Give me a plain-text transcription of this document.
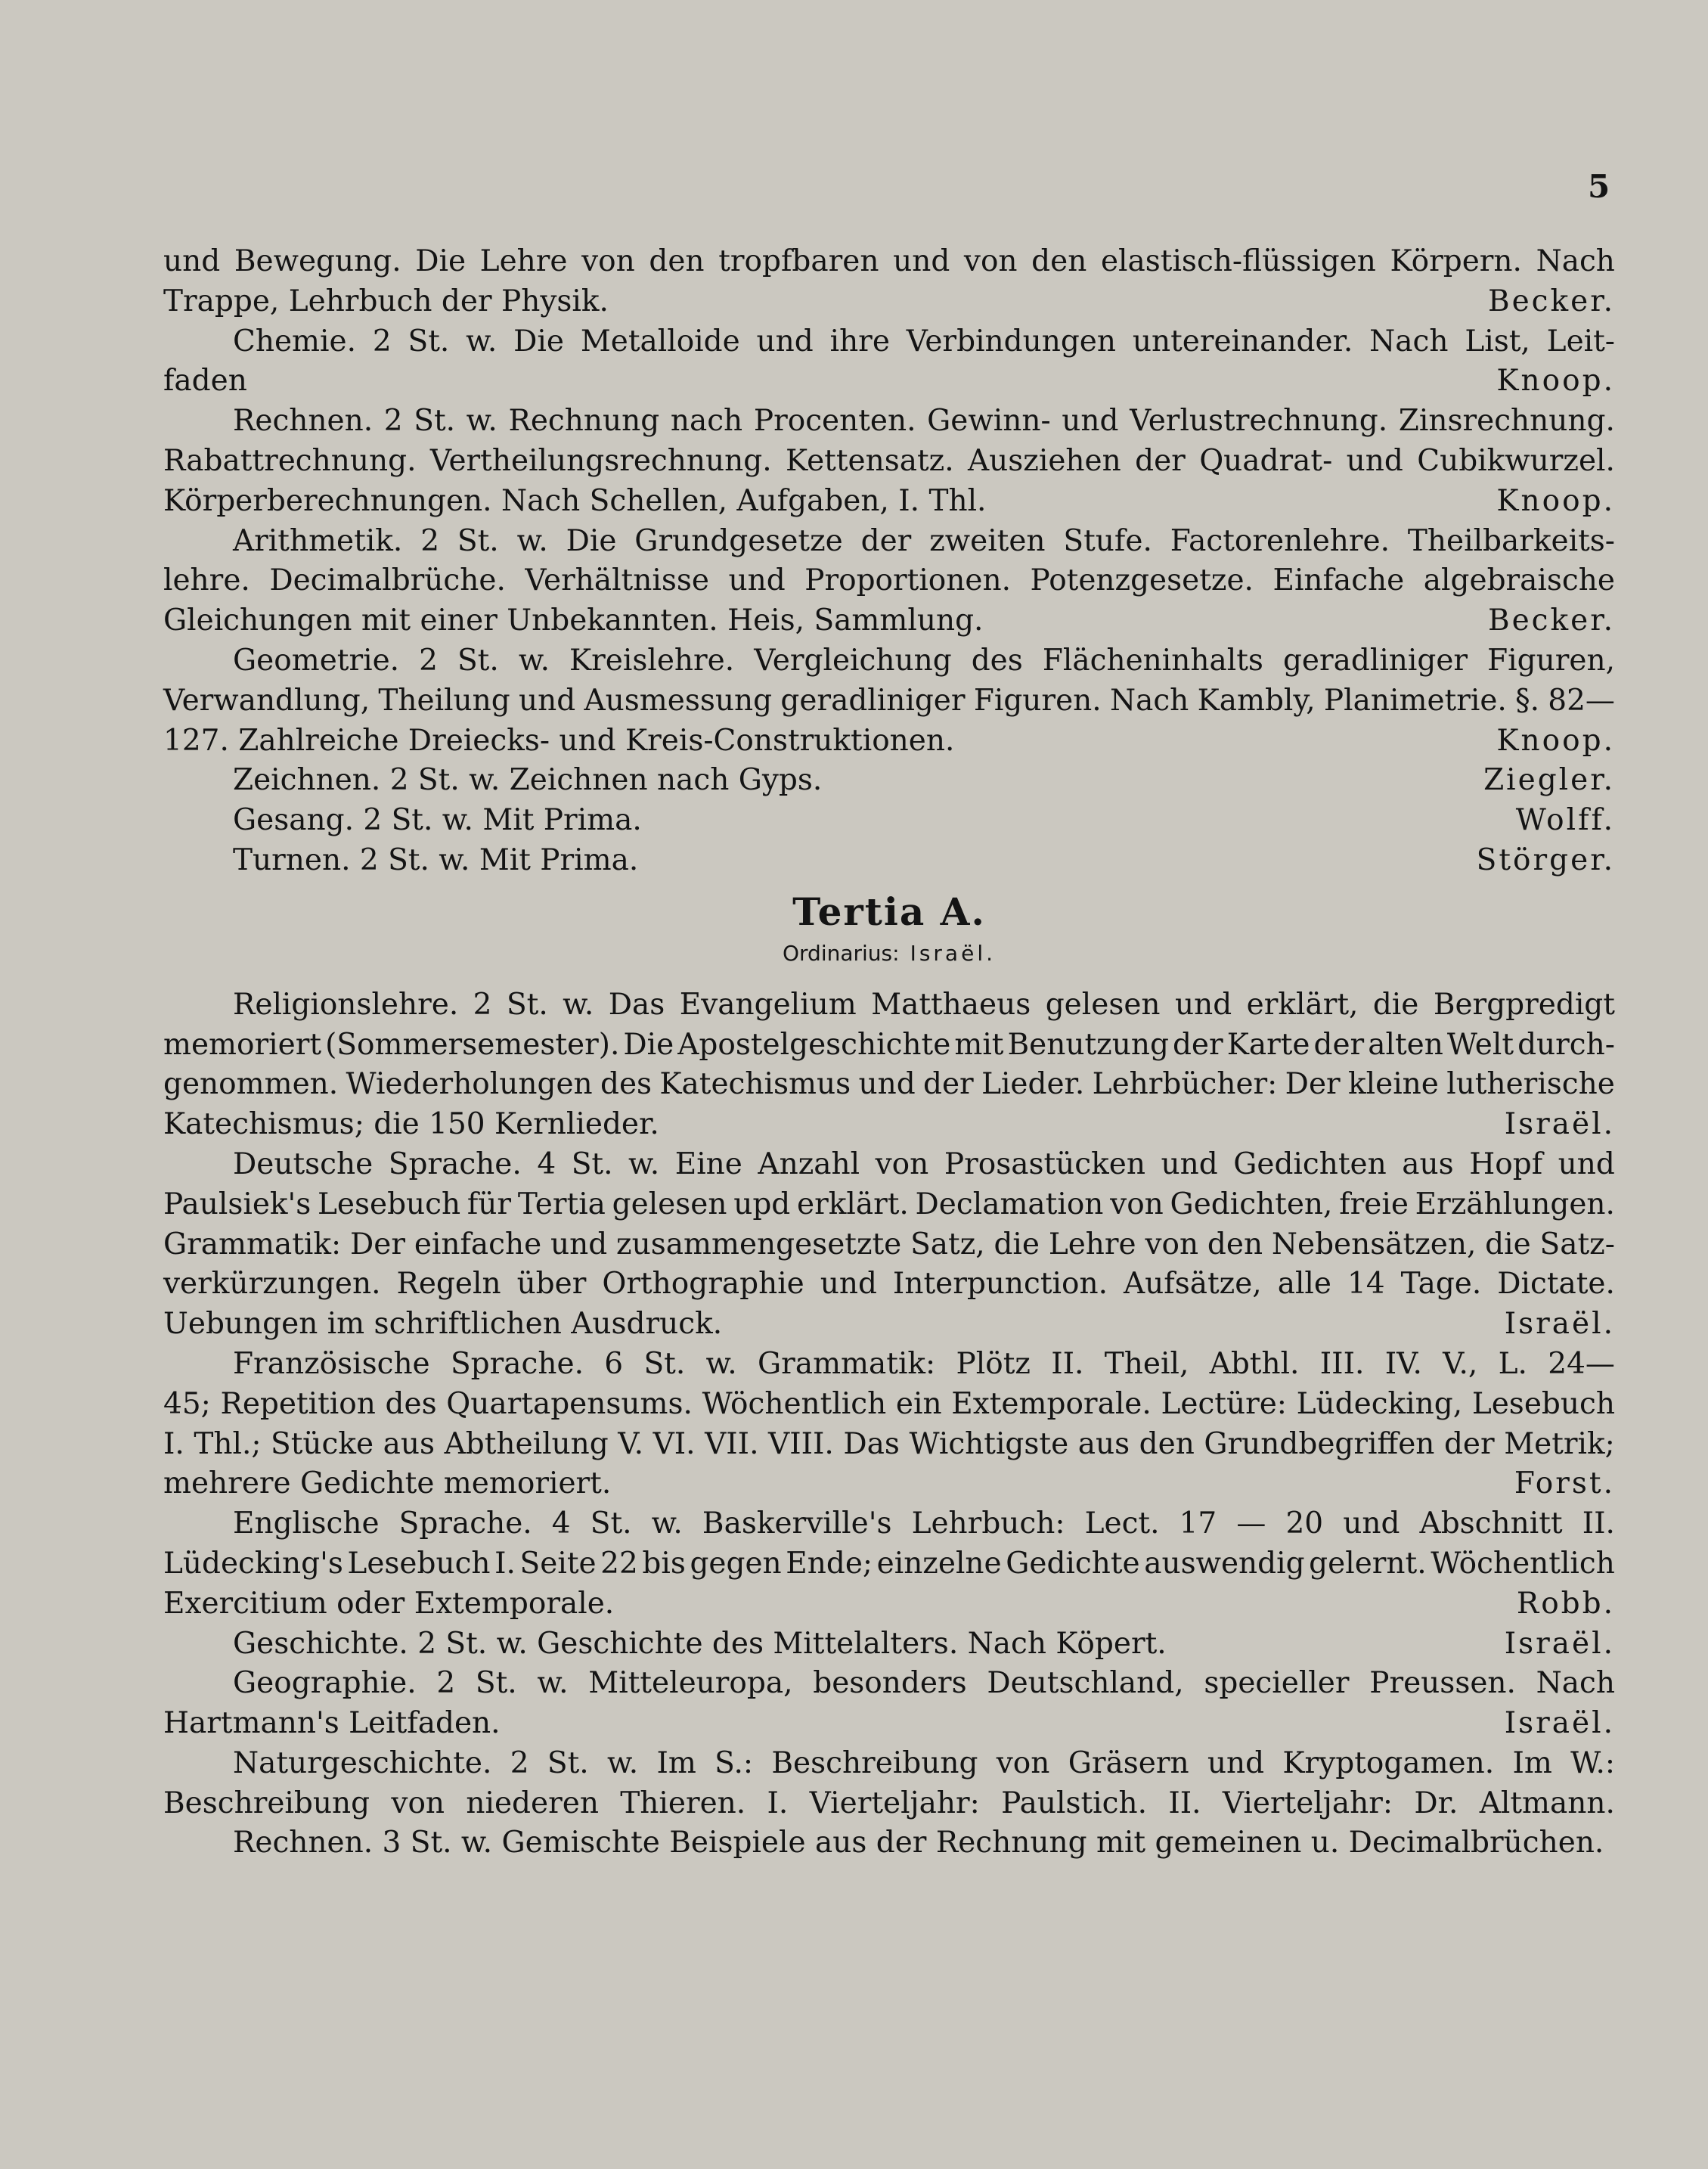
5
und Bewegung. Die Lehre von den tropfbaren und von den elastisch-flüssigen Körpern. Nach
Trappe, Lehrbuch der Physik.	Becker.
Chemie. 2 St. w. Die Metalloide und ihre Verbindungen untereinander. Nach List, Leit-
faden	Knoop.
Rechnen. 2 St. w. Rechnung nach Procenten. Gewinn- und Verlustrechnung. Zinsrechnung.
Rabattrechnung. Vertheilungsrechnung. Kettensatz. Ausziehen der Quadrat- und Cubikwurzel.
Körperberechnungen. Nach Schellen, Aufgaben, I. Thl.	Knoop.
Arithmetik. 2 St. w. Die Grundgesetze der zweiten Stufe. Factorenlehre. Theilbarkeits-
lehre. Decimalbrüche. Verhältnisse und Proportionen. Potenzgesetze. Einfache algebraische
Gleichungen mit einer Unbekannten. Heis, Sammlung.	Becker.
Geometrie. 2 St. w. Kreislehre. Vergleichung des Flächeninhalts geradliniger Figuren,
Verwandlung, Theilung und Ausmessung geradliniger Figuren. Nach Kambly, Planimetrie. §. 82—
127. Zahlreiche Dreiecks- und Kreis-Construktionen.	Knoop.
Zeichnen. 2 St. w. Zeichnen nach Gyps.	Ziegler.
Gesang. 2 St. w. Mit Prima.	Wolff.
Turnen. 2 St. w. Mit Prima.	Störger.
Tertia A.
Ordinarius: Israël.
Religionslehre. 2 St. w. Das Evangelium Matthaeus gelesen und erklärt, die Bergpredigt
memoriert (Sommersemester). Die Apostelgeschichte mit Benutzung der Karte der alten Welt durch-
genommen. Wiederholungen des Katechismus und der Lieder. Lehrbücher: Der kleine lutherische
Katechismus; die 150 Kernlieder.	Israël.
Deutsche Sprache. 4 St. w. Eine Anzahl von Prosastücken und Gedichten aus Hopf und
Paulsiek's Lesebuch für Tertia gelesen upd erklärt. Declamation von Gedichten, freie Erzählungen.
Grammatik: Der einfache und zusammengesetzte Satz, die Lehre von den Nebensätzen, die Satz-
verkürzungen. Regeln über Orthographie und Interpunction. Aufsätze, alle 14 Tage. Dictate.
Uebungen im schriftlichen Ausdruck.	Israël.
Französische Sprache. 6 St. w. Grammatik: Plötz II. Theil, Abthl. III. IV. V., L. 24—
45; Repetition des Quartapensums. Wöchentlich ein Extemporale. Lectüre: Lüdecking, Lesebuch
I. Thl.; Stücke aus Abtheilung V. VI. VII. VIII. Das Wichtigste aus den Grundbegriffen der Metrik;
mehrere Gedichte memoriert.	Forst.
Englische Sprache. 4 St. w. Baskerville's Lehrbuch: Lect. 17 — 20 und Abschnitt II.
Lüdecking's Lesebuch I. Seite 22 bis gegen Ende; einzelne Gedichte auswendig gelernt. Wöchentlich
Exercitium oder Extemporale.	Robb.
Geschichte. 2 St. w. Geschichte des Mittelalters. Nach Köpert.	Israël.
Geographie. 2 St. w. Mitteleuropa, besonders Deutschland, specieller Preussen. Nach
Hartmann's Leitfaden.	Israël.
Naturgeschichte. 2 St. w. Im S.: Beschreibung von Gräsern und Kryptogamen. Im W.:
Beschreibung von niederen Thieren. I. Vierteljahr: Paulstich. II. Vierteljahr: Dr. Altmann.
Rechnen. 3 St. w. Gemischte Beispiele aus der Rechnung mit gemeinen u. Decimalbrüchen.
